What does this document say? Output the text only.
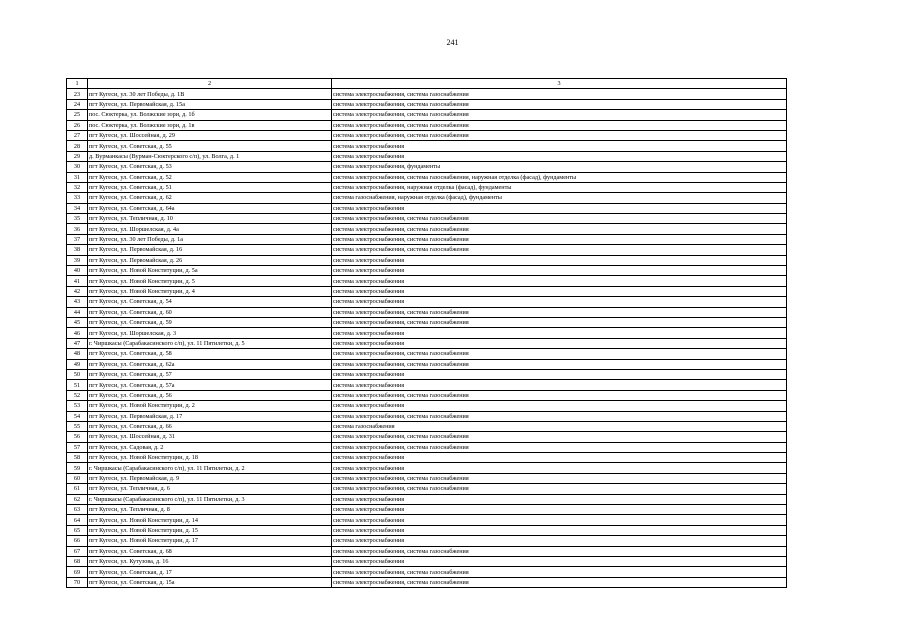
241
1	2	3
23	пгт Кугеси, ул. 30 лет Победы, д. 1В	система электроснабжения, система газоснабжения
24	пгт Кугеси, ул. Первомайская, д. 15а	система электроснабжения, система газоснабжения
25	пос. Сюктерка, ул. Волжские зори, д. 1б	система электроснабжения, система газоснабжения
26	пос. Сюктерка, ул. Волжские зори, д. 1в	система электроснабжения, система газоснабжения
27	пгт Кугеси, ул. Шоссейная, д. 29	система электроснабжения, система газоснабжения
28	пгт Кугеси, ул. Советская, д. 55	система электроснабжения
29	д. Вурманкасы (Вурман-Сюктерского с/п), ул. Волга, д. 1	система электроснабжения
30	пгт Кугеси, ул. Советская, д. 53	система электроснабжения, фундаменты
31	пгт Кугеси, ул. Советская, д. 52	система электроснабжения, система газоснабжения, наружная отделка (фасад), фундаменты
32	пгт Кугеси, ул. Советская, д. 51	система электроснабжения, наружная отделка (фасад), фундаменты
33	пгт Кугеси, ул. Советская, д. 62	система газоснабжения, наружная отделка (фасад), фундаменты
34	пгт Кугеси, ул. Советская, д. 64а	система электроснабжения
35	пгт Кугеси, ул. Тепличная, д. 10	система электроснабжения, система газоснабжения
36	пгт Кугеси, ул. Шоршелская, д. 4а	система электроснабжения, система газоснабжения
37	пгт Кугеси, ул. 30 лет Победы, д. 1а	система электроснабжения, система газоснабжения
38	пгт Кугеси, ул. Первомайская, д. 16	система электроснабжения, система газоснабжения
39	пгт Кугеси, ул. Первомайская, д. 26	система электроснабжения
40	пгт Кугеси, ул. Новой Конституции, д. 5а	система электроснабжения
41	пгт Кугеси, ул. Новой Конституции, д. 5	система электроснабжения
42	пгт Кугеси, ул. Новой Конституции, д. 4	система электроснабжения
43	пгт Кугеси, ул. Советская, д. 54	система электроснабжения
44	пгт Кугеси, ул. Советская, д. 60	система электроснабжения, система газоснабжения
45	пгт Кугеси, ул. Советская, д. 59	система электроснабжения, система газоснабжения
46	пгт Кугеси, ул. Шоршелская, д. 3	система электроснабжения
47	г. Чиршкасы (Сарабакасинского с/п), ул. 11 Пятилетки, д. 5	система электроснабжения
48	пгт Кугеси, ул. Советская, д. 58	система электроснабжения, система газоснабжения
49	пгт Кугеси, ул. Советская, д. 62а	система электроснабжения, система газоснабжения
50	пгт Кугеси, ул. Советская, д. 57	система электроснабжения
51	пгт Кугеси, ул. Советская, д. 57а	система электроснабжения
52	пгт Кугеси, ул. Советская, д. 56	система электроснабжения, система газоснабжения
53	пгт Кугеси, ул. Новой Конституции, д. 2	система электроснабжения
54	пгт Кугеси, ул. Первомайская, д. 17	система электроснабжения, система газоснабжения
55	пгт Кугеси, ул. Советская, д. 66	система газоснабжения
56	пгт Кугеси, ул. Шоссейная, д. 31	система электроснабжения, система газоснабжения
57	пгт Кугеси, ул. Садовая, д. 2	система электроснабжения, система газоснабжения
58	пгт Кугеси, ул. Новой Конституции, д. 18	система электроснабжения
59	г. Чиршкасы (Сарабакасинского с/п), ул. 11 Пятилетки, д. 2	система электроснабжения
60	пгт Кугеси, ул. Первомайская, д. 9	система электроснабжения, система газоснабжения
61	пгт Кугеси, ул. Тепличная, д. 6	система электроснабжения, система газоснабжения
62	г. Чиршкасы (Сарабакасинского с/п), ул. 11 Пятилетки, д. 3	система электроснабжения
63	пгт Кугеси, ул. Тепличная, д. 8	система электроснабжения
64	пгт Кугеси, ул. Новой Конституции, д. 14	система электроснабжения
65	пгт Кугеси, ул. Новой Конституции, д. 15	система электроснабжения
66	пгт Кугеси, ул. Новой Конституции, д. 17	система электроснабжения
67	пгт Кугеси, ул. Советская, д. 68	система электроснабжения, система газоснабжения
68	пгт Кугеси, ул. Кутузова, д. 16	система электроснабжения
69	пгт Кугеси, ул. Советская, д. 17	система электроснабжения, система газоснабжения
70	пгт Кугеси, ул. Советская, д. 15а	система электроснабжения, система газоснабжения
